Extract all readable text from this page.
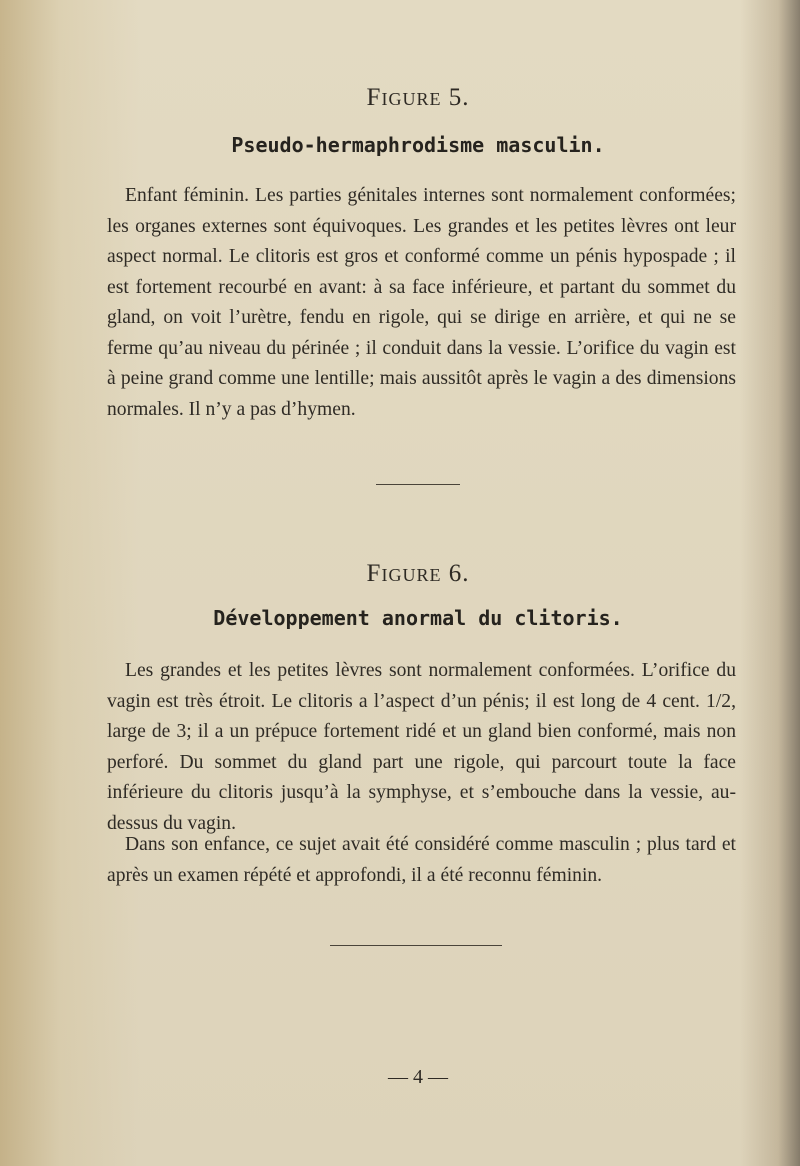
Figure 5.
Pseudo-hermaphrodisme masculin.

Enfant féminin. Les parties génitales internes sont normalement conformées; les organes externes sont équivoques. Les grandes et les petites lèvres ont leur aspect normal. Le clitoris est gros et conformé comme un pénis hypospade ; il est fortement recourbé en avant: à sa face inférieure, et partant du sommet du gland, on voit l’urètre, fendu en rigole, qui se dirige en arrière, et qui ne se ferme qu’au niveau du périnée ; il conduit dans la vessie. L’orifice du vagin est à peine grand comme une lentille; mais aussitôt après le vagin a des dimensions normales. Il n’y a pas d’hymen.

Figure 6.
Développement anormal du clitoris.

Les grandes et les petites lèvres sont normalement conformées. L’orifice du vagin est très étroit. Le clitoris a l’aspect d’un pénis; il est long de 4 cent. 1/2, large de 3; il a un prépuce fortement ridé et un gland bien conformé, mais non perforé. Du sommet du gland part une rigole, qui parcourt toute la face inférieure du clitoris jusqu’à la symphyse, et s’embouche dans la vessie, au-dessus du vagin.

Dans son enfance, ce sujet avait été considéré comme masculin ; plus tard et après un examen répété et approfondi, il a été reconnu féminin.

— 4 —
